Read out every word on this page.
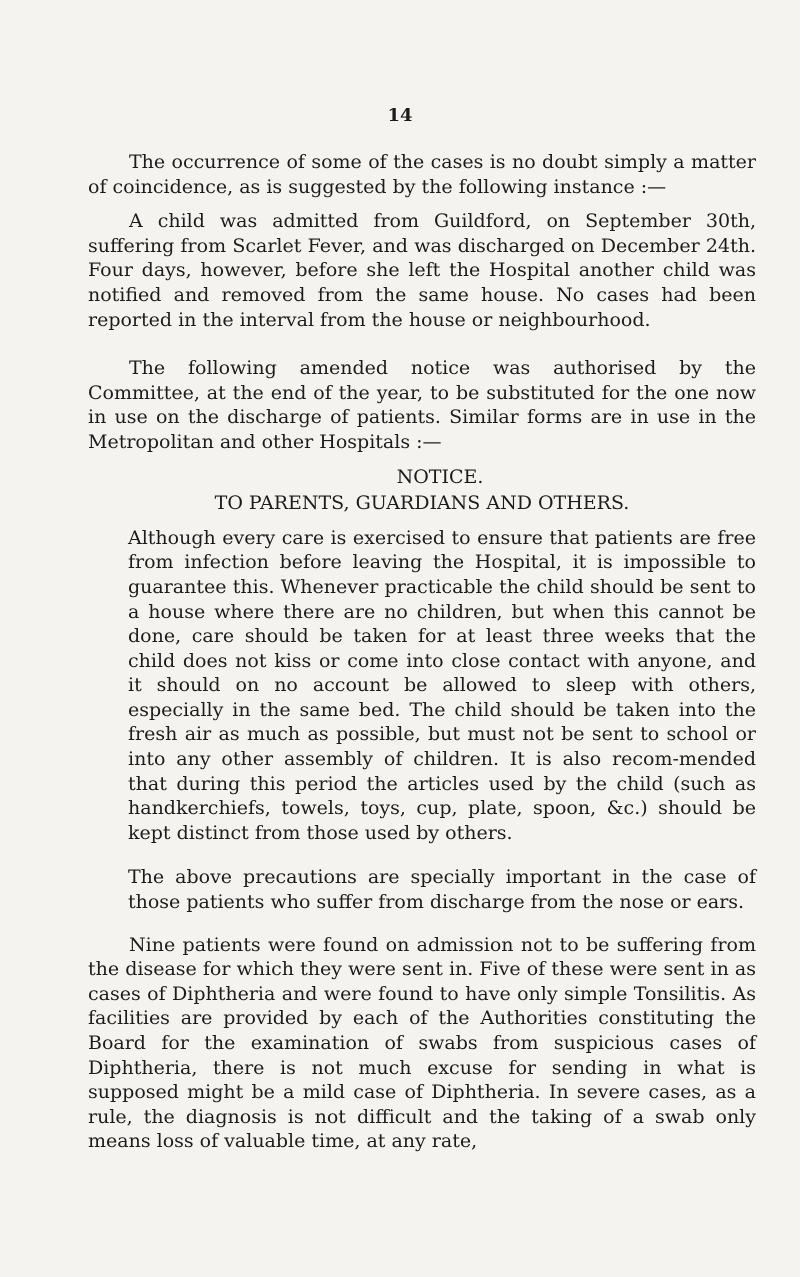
14

The occurrence of some of the cases is no doubt simply a matter of coincidence, as is suggested by the following instance :—

A child was admitted from Guildford, on September 30th, suffering from Scarlet Fever, and was discharged on December 24th. Four days, however, before she left the Hospital another child was notified and removed from the same house. No cases had been reported in the interval from the house or neighbourhood.

The following amended notice was authorised by the Committee, at the end of the year, to be substituted for the one now in use on the discharge of patients. Similar forms are in use in the Metropolitan and other Hospitals :—

NOTICE.

TO PARENTS, GUARDIANS AND OTHERS.

Although every care is exercised to ensure that patients are free from infection before leaving the Hospital, it is impossible to guarantee this. Whenever practicable the child should be sent to a house where there are no children, but when this cannot be done, care should be taken for at least three weeks that the child does not kiss or come into close contact with anyone, and it should on no account be allowed to sleep with others, especially in the same bed. The child should be taken into the fresh air as much as possible, but must not be sent to school or into any other assembly of children. It is also recom-mended that during this period the articles used by the child (such as handkerchiefs, towels, toys, cup, plate, spoon, &c.) should be kept distinct from those used by others.

The above precautions are specially important in the case of those patients who suffer from discharge from the nose or ears.

Nine patients were found on admission not to be suffering from the disease for which they were sent in. Five of these were sent in as cases of Diphtheria and were found to have only simple Tonsilitis. As facilities are provided by each of the Authorities constituting the Board for the examination of swabs from suspicious cases of Diphtheria, there is not much excuse for sending in what is supposed might be a mild case of Diphtheria. In severe cases, as a rule, the diagnosis is not difficult and the taking of a swab only means loss of valuable time, at any rate,
